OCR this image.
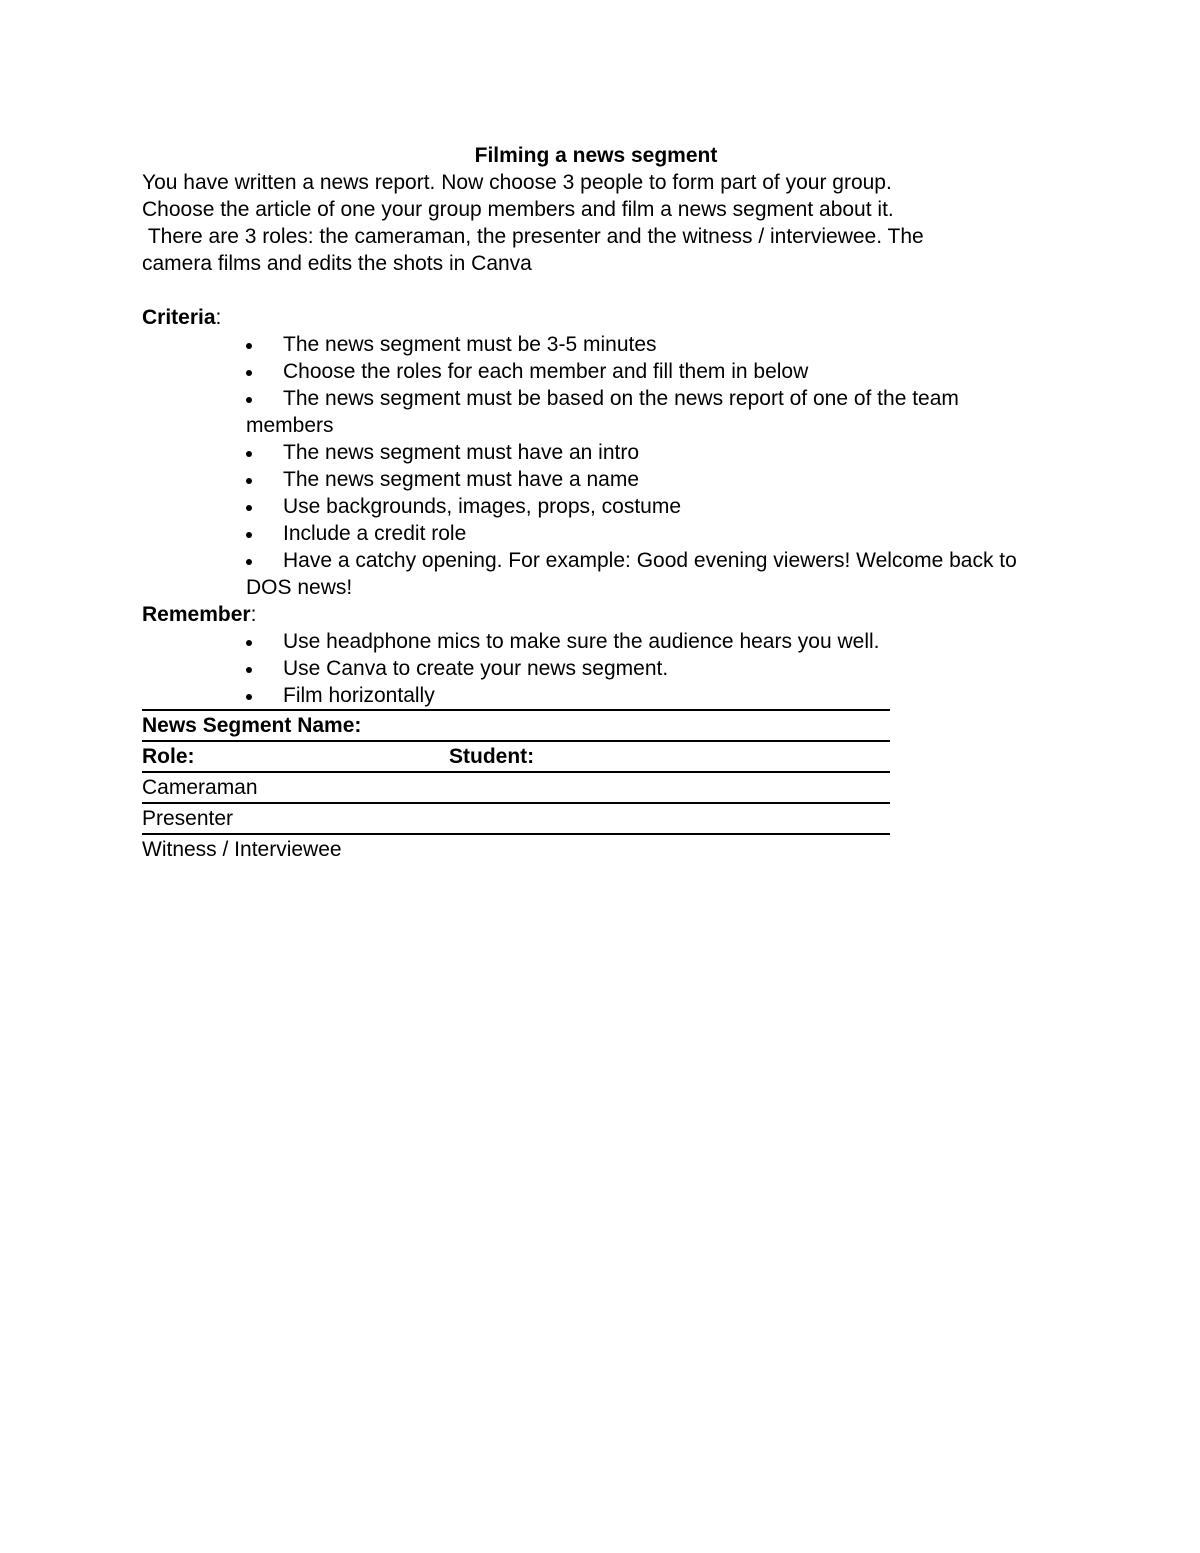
Filming a news segment

You have written a news report. Now choose 3 people to form part of your group.

Choose the article of one your group members and film a news segment about it.

There are 3 roles: the cameraman, the presenter and the witness / interviewee. The

camera films and edits the shots in Canva

Criteria:

The news segment must be 3-5 minutes
Choose the roles for each member and fill them in below
The news segment must be based on the news report of one of the team members
The news segment must have an intro
The news segment must have a name
Use backgrounds, images, props, costume
Include a credit role
Have a catchy opening. For example: Good evening viewers! Welcome back to DOS news!

Remember:

Use headphone mics to make sure the audience hears you well.
Use Canva to create your news segment.
Film horizontally
News Segment Name:	
Role:	Student:
Cameraman	
Presenter	
Witness / Interviewee	
